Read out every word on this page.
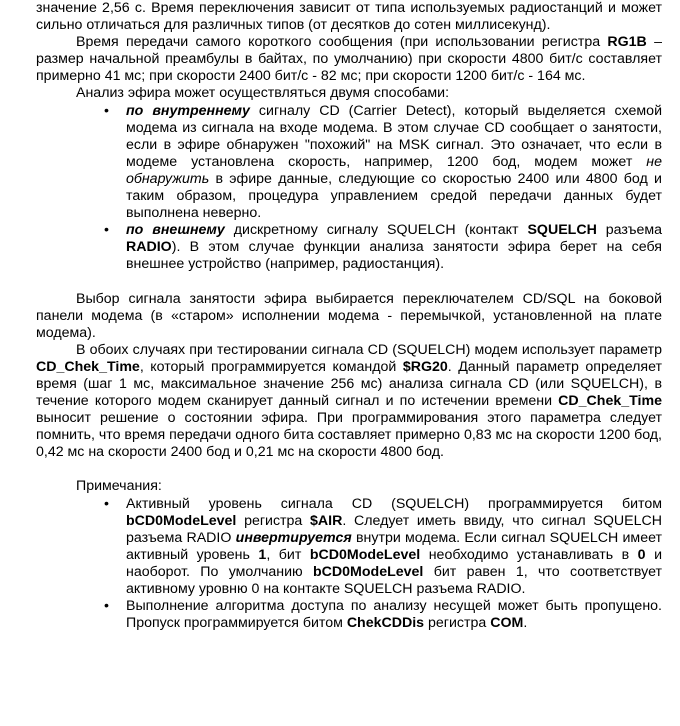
значение 2,56 с. Время переключения зависит от типа используемых радиостанций и может сильно отличаться для различных типов (от десятков до сотен миллисекунд).

Время передачи самого короткого сообщения (при использовании регистра RG1B – размер начальной преамбулы в байтах, по умолчанию) при скорости 4800 бит/с составляет примерно 41 мс; при скорости 2400 бит/с - 82 мс; при скорости 1200 бит/с - 164 мс.

Анализ эфира может осуществляться двумя способами:

• по внутреннему сигналу CD (Carrier Detect), который выделяется схемой модема из сигнала на входе модема. В этом случае CD сообщает о занятости, если в эфире обнаружен "похожий" на MSK сигнал. Это означает, что если в модеме установлена скорость, например, 1200 бод, модем может не обнаружить в эфире данные, следующие со скоростью 2400 или 4800 бод и таким образом, процедура управлением средой передачи данных будет выполнена неверно.
• по внешнему дискретному сигналу SQUELCH (контакт SQUELCH разъема RADIO). В этом случае функции анализа занятости эфира берет на себя внешнее устройство (например, радиостанция).

Выбор сигнала занятости эфира выбирается переключателем CD/SQL на боковой панели модема (в «старом» исполнении модема - перемычкой, установленной на плате модема).

В обоих случаях при тестировании сигнала CD (SQUELCH) модем использует параметр CD_Chek_Time, который программируется командой $RG20. Данный параметр определяет время (шаг 1 мс, максимальное значение 256 мс) анализа сигнала CD (или SQUELCH), в течение которого модем сканирует данный сигнал и по истечении времени CD_Chek_Time выносит решение о состоянии эфира. При программирования этого параметра следует помнить, что время передачи одного бита составляет примерно 0,83 мс на скорости 1200 бод, 0,42 мс на скорости 2400 бод и 0,21 мс на скорости 4800 бод.

Примечания:

• Активный уровень сигнала CD (SQUELCH) программируется битом bCD0ModeLevel регистра $AIR. Следует иметь ввиду, что сигнал SQUELCH разъема RADIO инвертируется внутри модема. Если сигнал SQUELCH имеет активный уровень 1, бит bCD0ModeLevel необходимо устанавливать в 0 и наоборот. По умолчанию bCD0ModeLevel бит равен 1, что соответствует активному уровню 0 на контакте SQUELCH разъема RADIO.
• Выполнение алгоритма доступа по анализу несущей может быть пропущено. Пропуск программируется битом ChekCDDis регистра COM.
